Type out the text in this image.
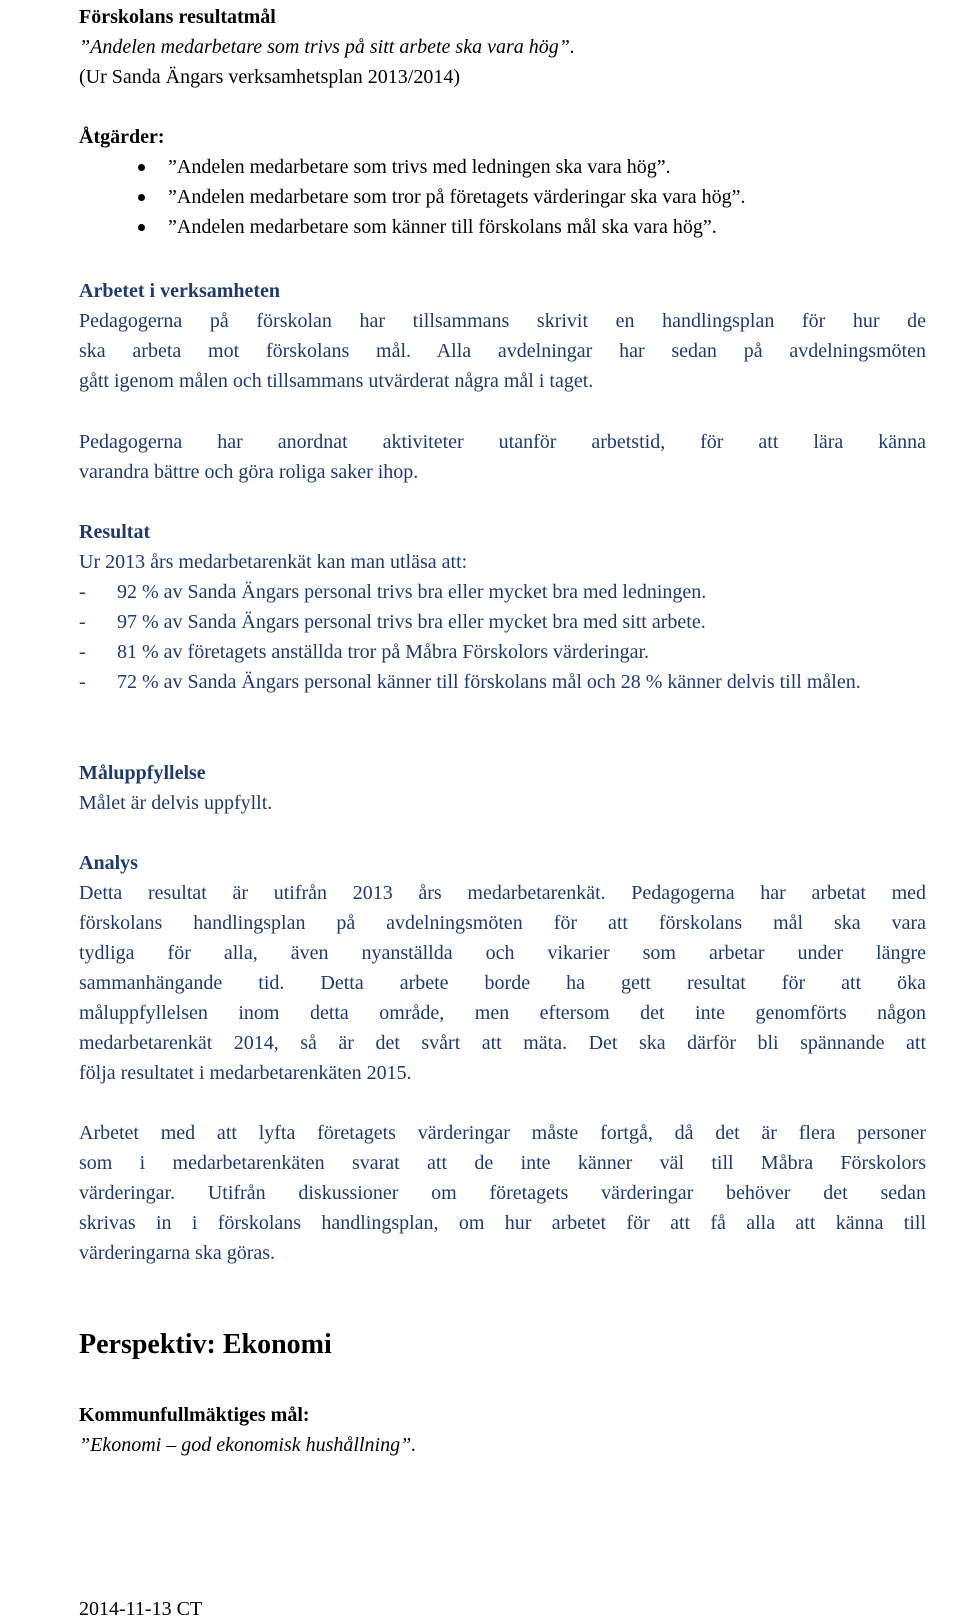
Förskolans resultatmål
”Andelen medarbetare som trivs på sitt arbete ska vara hög”.
(Ur Sanda Ängars verksamhetsplan 2013/2014)
Åtgärder:
”Andelen medarbetare som trivs med ledningen ska vara hög”.
”Andelen medarbetare som tror på företagets värderingar ska vara hög”.
”Andelen medarbetare som känner till förskolans mål ska vara hög”.
Arbetet i verksamheten
Pedagogerna på förskolan har tillsammans skrivit en handlingsplan för hur de
ska arbeta mot förskolans mål. Alla avdelningar har sedan på avdelningsmöten
gått igenom målen och tillsammans utvärderat några mål i taget.
Pedagogerna har anordnat aktiviteter utanför arbetstid, för att lära känna
varandra bättre och göra roliga saker ihop.
Resultat
Ur 2013 års medarbetarenkät kan man utläsa att:
- 92 % av Sanda Ängars personal trivs bra eller mycket bra med ledningen.
- 97 % av Sanda Ängars personal trivs bra eller mycket bra med sitt arbete.
- 81 % av företagets anställda tror på Måbra Förskolors värderingar.
- 72 % av Sanda Ängars personal känner till förskolans mål och 28 % känner delvis till målen.
Måluppfyllelse
Målet är delvis uppfyllt.
Analys
Detta resultat är utifrån 2013 års medarbetarenkät. Pedagogerna har arbetat med
förskolans handlingsplan på avdelningsmöten för att förskolans mål ska vara
tydliga för alla, även nyanställda och vikarier som arbetar under längre
sammanhängande tid. Detta arbete borde ha gett resultat för att öka
måluppfyllelsen inom detta område, men eftersom det inte genomförts någon
medarbetarenkät 2014, så är det svårt att mäta. Det ska därför bli spännande att
följa resultatet i medarbetarenkäten 2015.
Arbetet med att lyfta företagets värderingar måste fortgå, då det är flera personer
som i medarbetarenkäten svarat att de inte känner väl till Måbra Förskolors
värderingar. Utifrån diskussioner om företagets värderingar behöver det sedan
skrivas in i förskolans handlingsplan, om hur arbetet för att få alla att känna till
värderingarna ska göras.
Perspektiv: Ekonomi
Kommunfullmäktiges mål:
”Ekonomi – god ekonomisk hushållning”.
2014-11-13 CT
